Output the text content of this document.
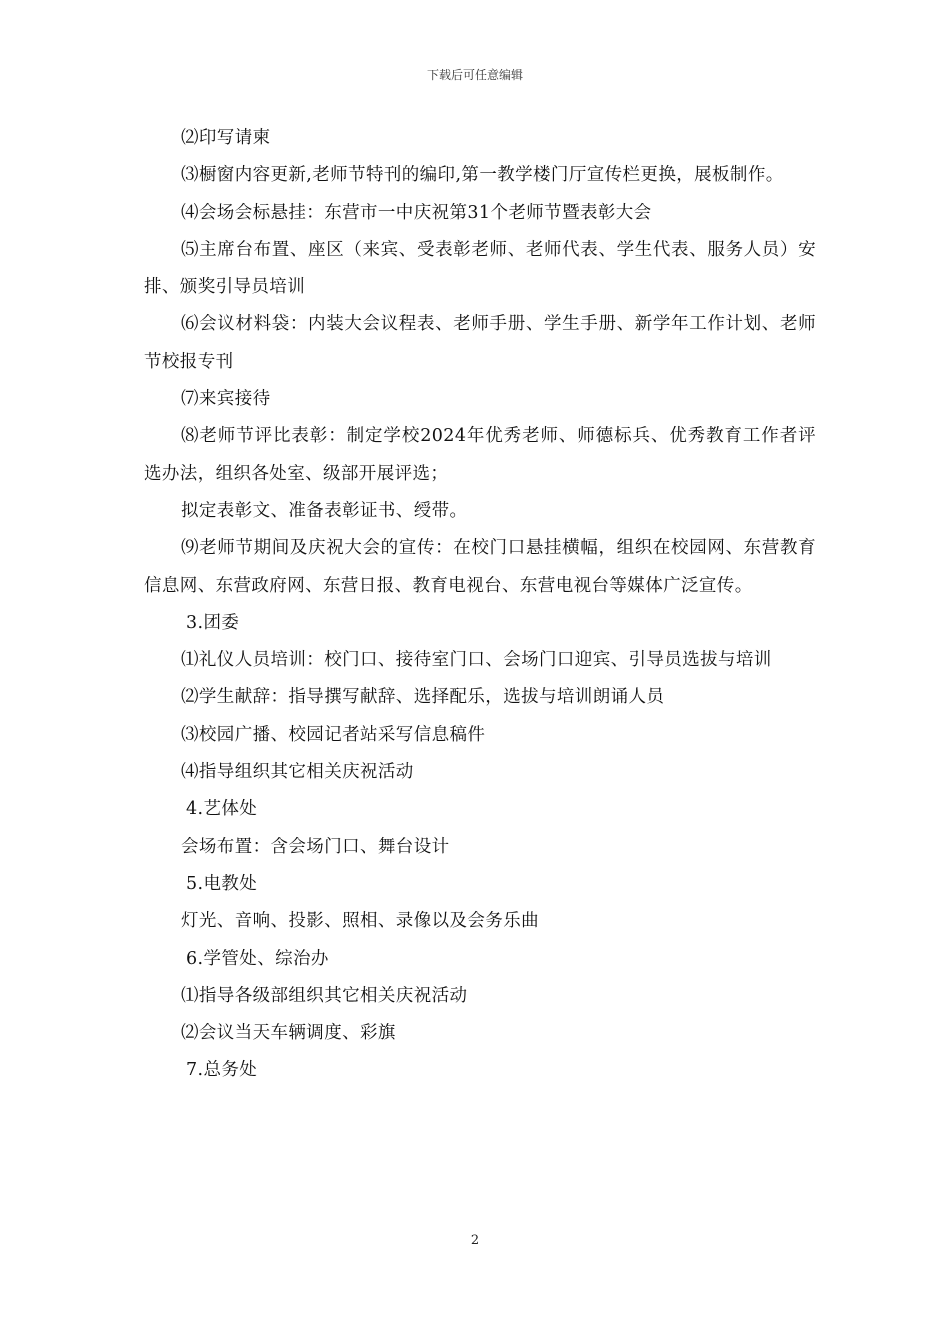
下载后可任意编辑

⑵印写请柬

⑶橱窗内容更新,老师节特刊的编印,第一教学楼门厅宣传栏更换，展板制作。

⑷会场会标悬挂：东营市一中庆祝第31个老师节暨表彰大会

⑸主席台布置、座区（来宾、受表彰老师、老师代表、学生代表、服务人员）安排、颁奖引导员培训

⑹会议材料袋：内装大会议程表、老师手册、学生手册、新学年工作计划、老师节校报专刊

⑺来宾接待

⑻老师节评比表彰：制定学校2024年优秀老师、师德标兵、优秀教育工作者评选办法，组织各处室、级部开展评选；

拟定表彰文、准备表彰证书、绶带。

⑼老师节期间及庆祝大会的宣传：在校门口悬挂横幅，组织在校园网、东营教育信息网、东营政府网、东营日报、教育电视台、东营电视台等媒体广泛宣传。

3.团委

⑴礼仪人员培训：校门口、接待室门口、会场门口迎宾、引导员选拔与培训

⑵学生献辞：指导撰写献辞、选择配乐，选拔与培训朗诵人员

⑶校园广播、校园记者站采写信息稿件

⑷指导组织其它相关庆祝活动

4.艺体处

会场布置：含会场门口、舞台设计

5.电教处

灯光、音响、投影、照相、录像以及会务乐曲

6.学管处、综治办

⑴指导各级部组织其它相关庆祝活动

⑵会议当天车辆调度、彩旗

7.总务处

2
